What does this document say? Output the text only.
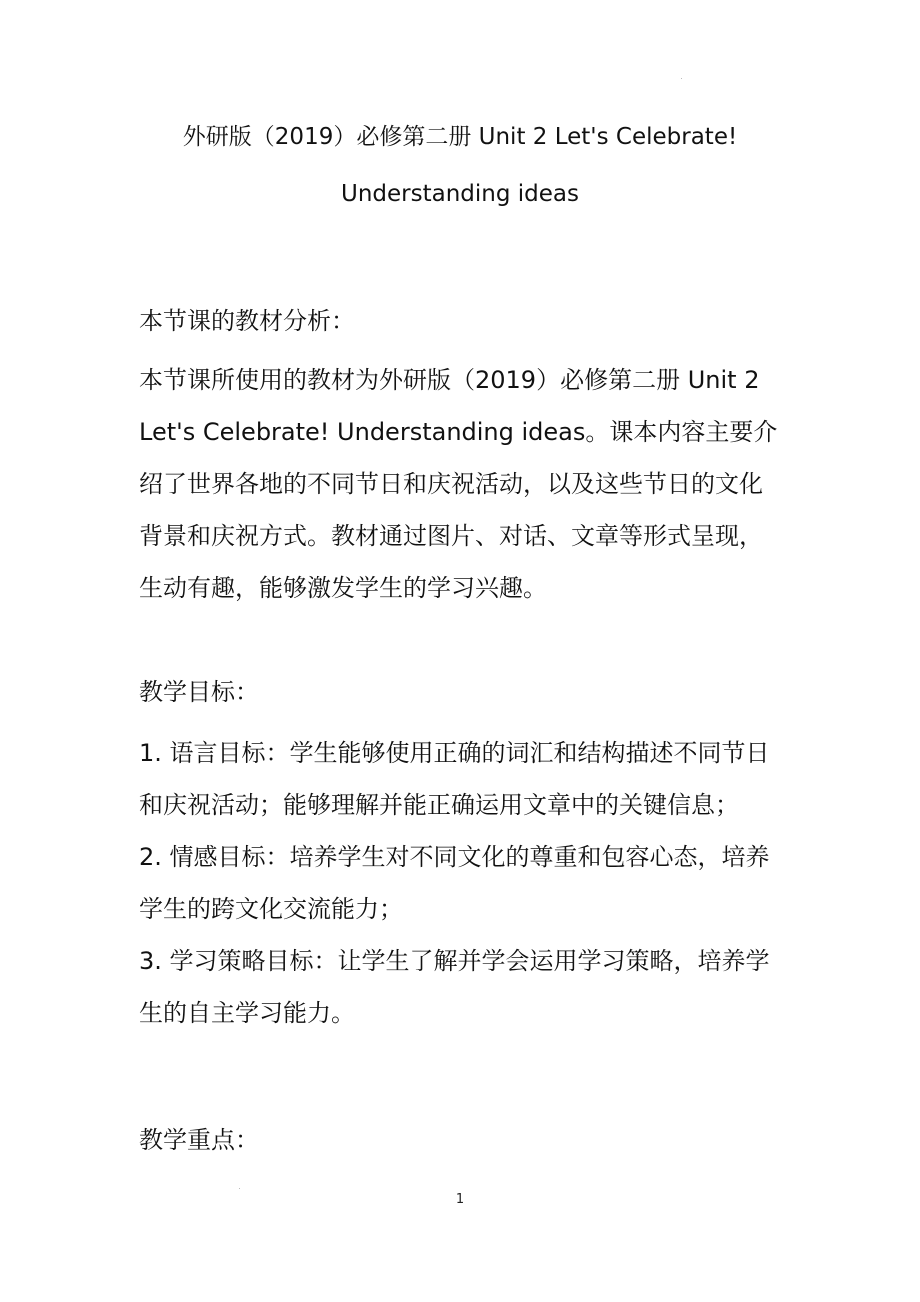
外研版（2019）必修第二册 Unit 2 Let's Celebrate!
Understanding ideas
本节课的教材分析：

本节课所使用的教材为外研版（2019）必修第二册 Unit 2 Let's Celebrate! Understanding ideas。课本内容主要介绍了世界各地的不同节日和庆祝活动，以及这些节日的文化背景和庆祝方式。教材通过图片、对话、文章等形式呈现，生动有趣，能够激发学生的学习兴趣。

教学目标：

1. 语言目标：学生能够使用正确的词汇和结构描述不同节日和庆祝活动；能够理解并能正确运用文章中的关键信息；

2. 情感目标：培养学生对不同文化的尊重和包容心态，培养学生的跨文化交流能力；

3. 学习策略目标：让学生了解并学会运用学习策略，培养学生的自主学习能力。

教学重点：
1
